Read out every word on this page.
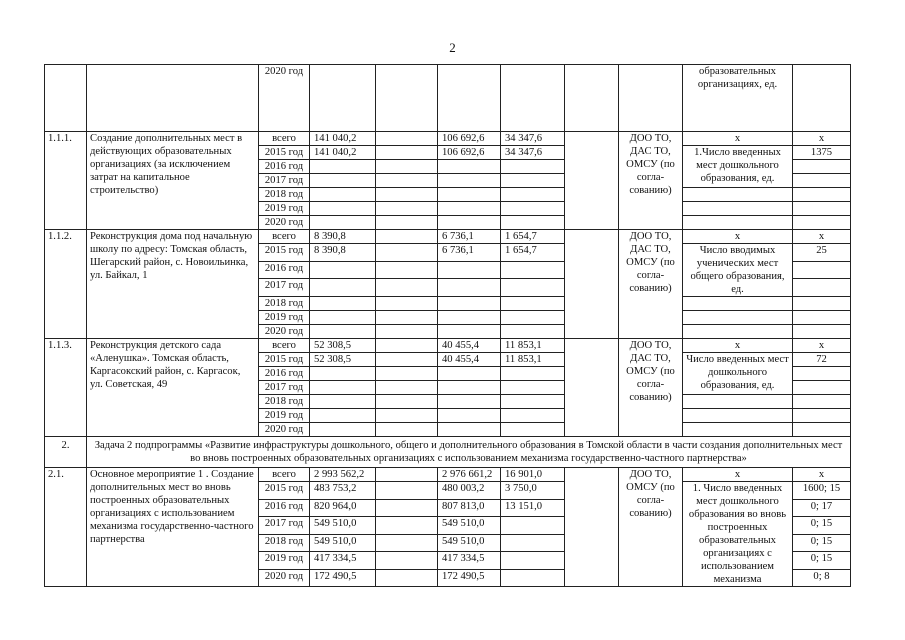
2
		2020 год							образовательных организациях, ед.	
1.1.1.	Создание дополнительных мест в действующих образовательных организациях (за исключением затрат на капитальное строительство)	всего	141 040,2		106 692,6	34 347,6		ДОО ТО, ДАС ТО, ОМСУ (по согла-сованию)	х	х
		2015 год	141 040,2		106 692,6	34 347,6			1.Число введенных мест дошкольного образования, ед.	1375
		2016 год								
		2017 год								
		2018 год								
		2019 год								
		2020 год								
1.1.2.	Реконструкция дома под начальную школу по адресу: Томская область, Шегарский район, с. Новоильинка, ул. Байкал, 1	всего	8 390,8		6 736,1	1 654,7		ДОО ТО, ДАС ТО, ОМСУ (по согла-сованию)	х	х
		2015 год	8 390,8		6 736,1	1 654,7			Число вводимых ученических мест общего образования, ед.	25
		2016 год								
		2017 год								
		2018 год								
		2019 год								
		2020 год								
1.1.3.	Реконструкция детского сада «Аленушка». Томская область, Каргасокский район, с. Каргасок, ул. Советская, 49	всего	52 308,5		40 455,4	11 853,1		ДОО ТО, ДАС ТО, ОМСУ (по согла-сованию)	х	х
		2015 год	52 308,5		40 455,4	11 853,1			Число введенных мест дошкольного образования, ед.	72
		2016 год								
		2017 год								
		2018 год								
		2019 год								
		2020 год								
2.	Задача 2 подпрограммы «Развитие инфраструктуры дошкольного, общего и дополнительного образования в Томской области в части создания дополнительных мест во вновь построенных образовательных организациях с использованием механизма государственно-частного партнерства»									
2.1.	Основное мероприятие 1 . Создание дополнительных мест во вновь построенных образовательных организациях с использованием механизма государственно-частного партнерства	всего	2 993 562,2		2 976 661,2	16 901,0		ДОО ТО, ОМСУ (по согла-сованию)	х	х
		2015 год	483 753,2		480 003,2	3 750,0			1. Число введенных мест дошкольного образования во вновь построенных образовательных организациях с использованием механизма	1600; 15
		2016 год	820 964,0		807 813,0	13 151,0				0; 17
		2017 год	549 510,0		549 510,0					0; 15
		2018 год	549 510,0		549 510,0					0; 15
		2019 год	417 334,5		417 334,5					0; 15
		2020 год	172 490,5		172 490,5					0; 8
